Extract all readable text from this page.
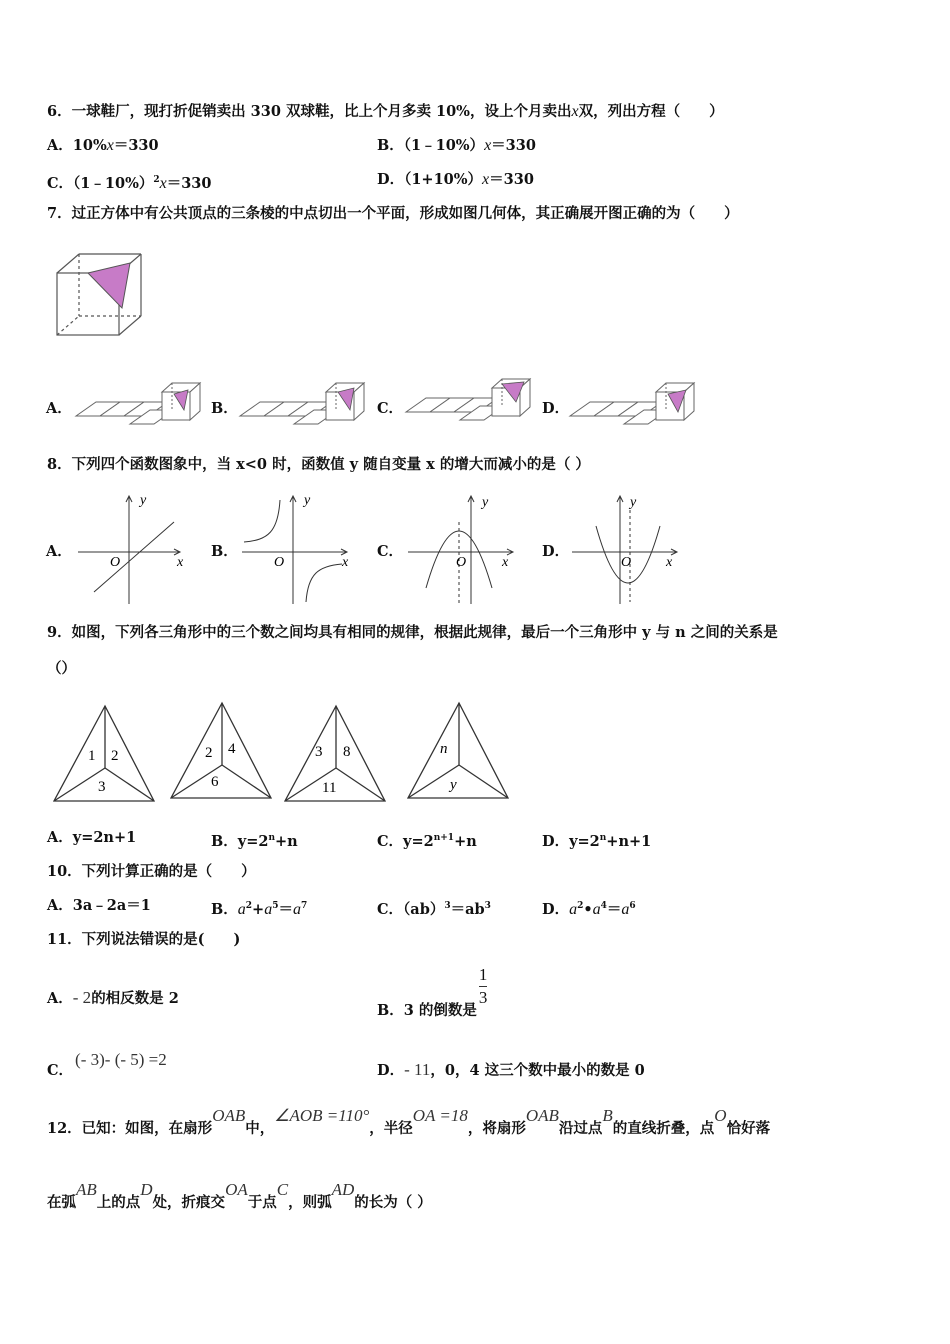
6．一球鞋厂，现打折促销卖出 330 双球鞋，比上个月多卖 10%，设上个月卖出x双，列出方程（　　）
A．10%x＝330	B．（1﹣10%）x＝330
C．（1﹣10%）$^2$x＝330	D．（1+10%）x＝330
7．过正方体中有公共顶点的三条棱的中点切出一个平面，形成如图几何体，其正确展开图正确的为（　　）
A．	B．	C．	D．
8．下列四个函数图象中，当 x<0 时，函数值 y 随自变量 x 的增大而减小的是（ ）
A．	B．	C．	D．
y
x
O
y
x
O
y
x
O
y
x
O
9．如图，下列各三角形中的三个数之间均具有相同的规律，根据此规律，最后一个三角形中 y 与 n 之间的关系是
（）
1 2
3
2 4
6
3 8
11
n
y
A．y=2n+1	B．$y=2^n+n$	C．$y=2^{n+1}+n$	D．$y=2^n+n+1$
10．下列计算正确的是（　　）
A．3a﹣2a＝1	B．$a^2+a^5=a^7$	C．$(ab)^3=ab^3$	D．$a^2•a^4=a^6$
11．下列说法错误的是(　　)
A．- 2的相反数是 2
B．3 的倒数是
$\frac{1}{3}$
C．(- 3)- (- 5) =2
D．- 11，0，4 这三个数中最小的数是 0
12．已知：如图，在扇形OAB中，∠AOB =110°，半径OA =18，将扇形OAB沿过点B的直线折叠，点O恰好落
在弧AB上的点D处，折痕交OA于点C，则弧AD的长为（ ）
